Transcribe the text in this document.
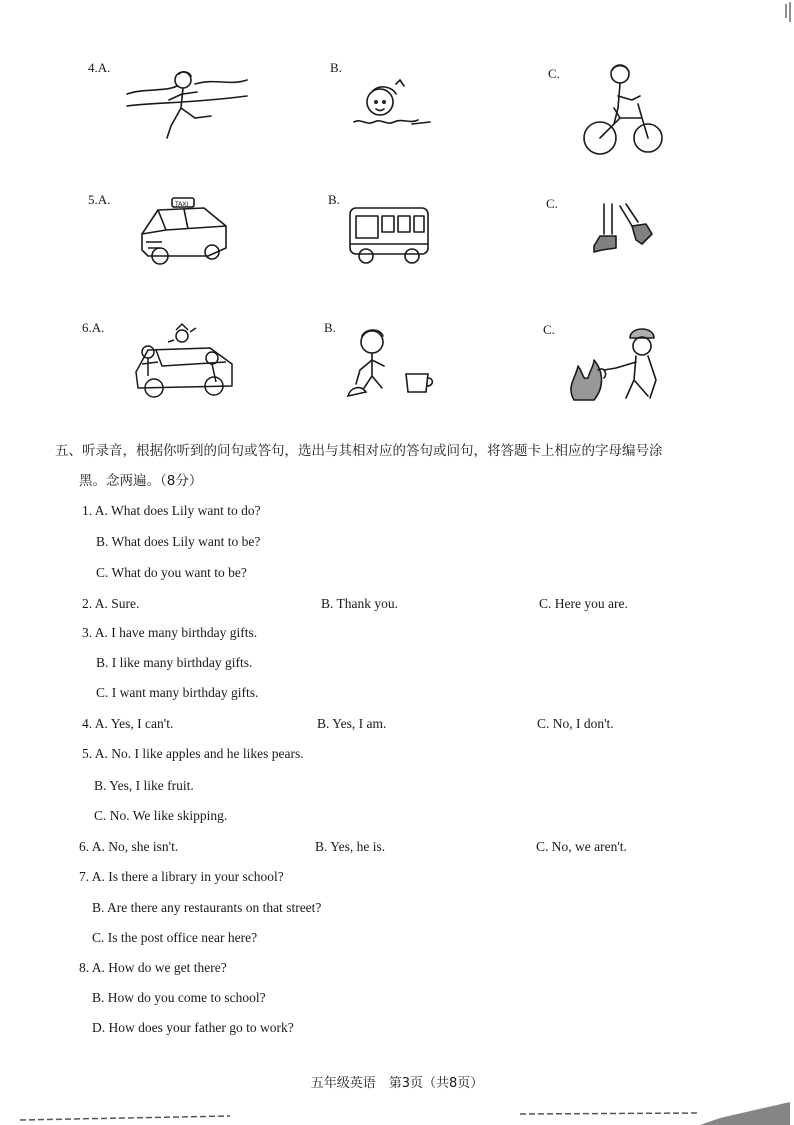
4.A.	B.	C.
5.A.	TAXI	B.	C.
6.A.	B.	C.
五、听录音，根据你听到的问句或答句，选出与其相对应的答句或问句，将答题卡上相应的字母编号涂
黑。念两遍。（8分）
1. A. What does Lily want to do?
B. What does Lily want to be?
C. What do you want to be?
2. A. Sure.	B. Thank you.	C. Here you are.
3. A. I have many birthday gifts.
B. I like many birthday gifts.
C. I want many birthday gifts.
4. A. Yes, I can't.	B. Yes, I am.	C. No, I don't.
5. A. No. I like apples and he likes pears.
B. Yes, I like fruit.
C. No. We like skipping.
6. A. No, she isn't.	B. Yes, he is.	C. No, we aren't.
7. A. Is there a library in your school?
B. Are there any restaurants on that street?
C. Is the post office near here?
8. A. How do we get there?
B. How do you come to school?
D. How does your father go to work?
五年级英语　第3页（共8页）
